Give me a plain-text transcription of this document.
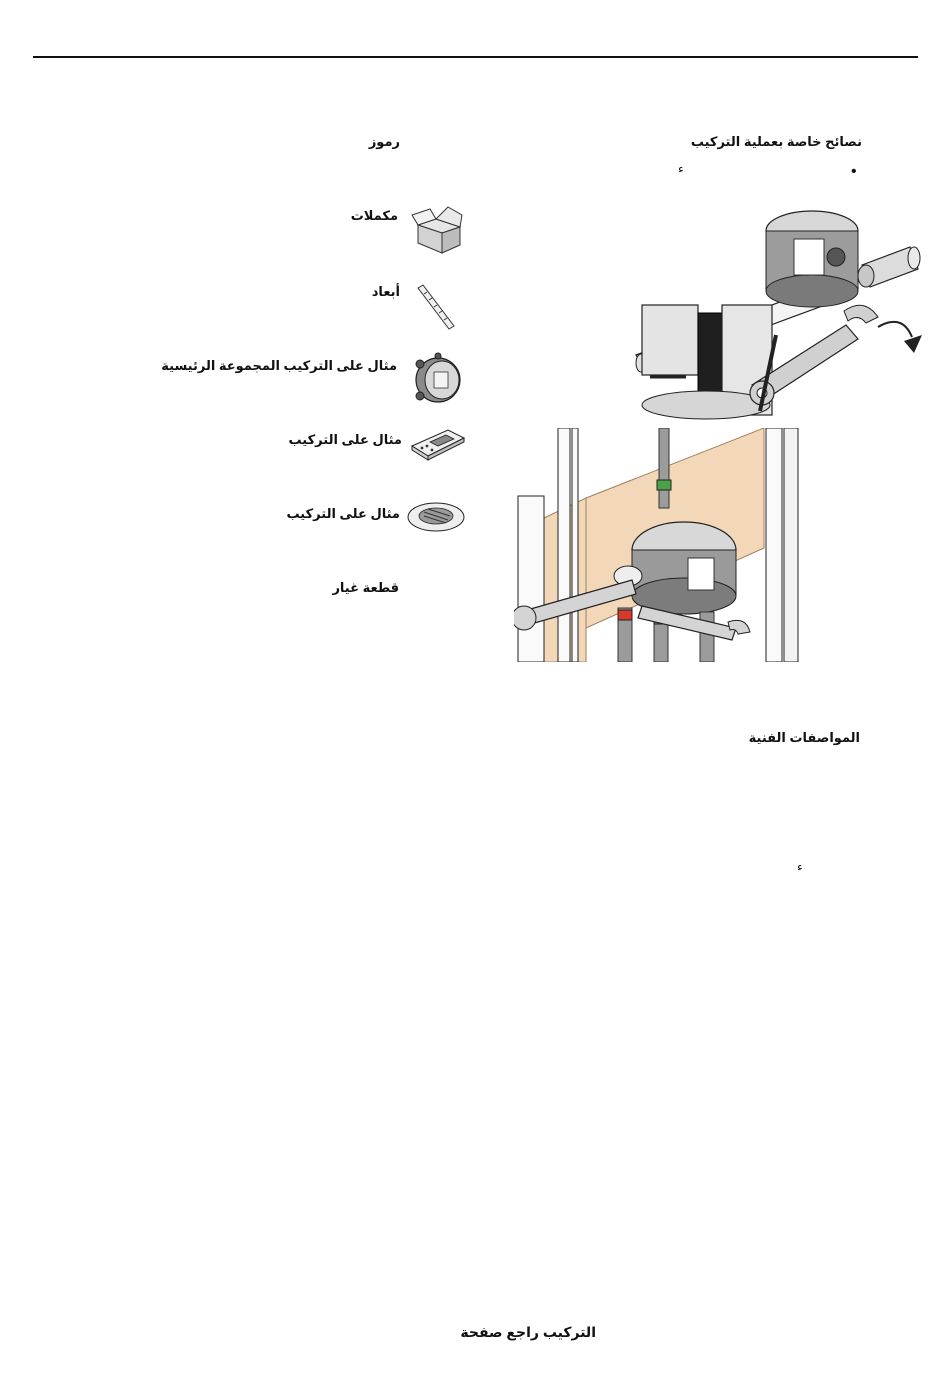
نصائح خاصة بعملية التركيب
•
ﺀ
رموز
مكملات
أبعاد
مثال على التركيب المجموعة الرئيسية
مثال على التركيب
مثال على التركيب
قطعة غيار
المواصفات الفنية
ﺀ
التركيب راجع صفحة
